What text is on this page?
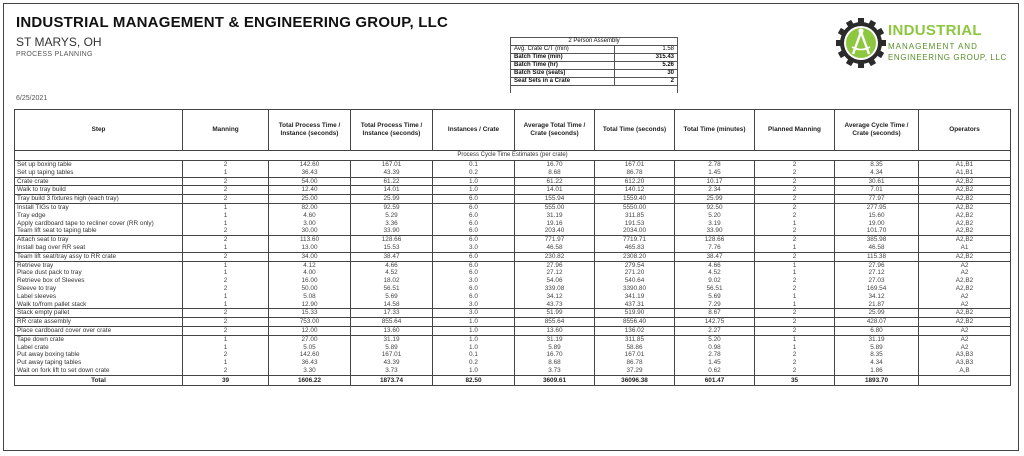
INDUSTRIAL MANAGEMENT & ENGINEERING GROUP, LLC
ST MARYS, OH
PROCESS PLANNING
6/25/2021
2 Person Assembly	
Avg. Crate C/T (min)	1.58
Batch Time (min)	315.43
Batch Time (hr)	5.26
Batch Size (seats)	30
Seat Sets in a Crate	2

INDUSTRIAL
MANAGEMENT AND
ENGINEERING GROUP, LLC
Process Cycle Time Estimates (per crate)										
Step	Manning	Total Process Time / Instance (seconds)	Total Process Time / Instance (seconds)	Instances / Crate	Average Total Time / Crate (seconds)	Total Time (seconds)	Total Time (minutes)	Planned Manning	Average Cycle Time / Crate (seconds)	Operators
Set up boxing table	2	142.60	167.01	0.1	16.70	167.01	2.78	2	8.35	A1,B1
Set up taping tables	1	36.43	43.39	0.2	8.68	86.78	1.45	2	4.34	A1,B1
Crate crate	2	54.00	61.22	1.0	61.22	612.20	10.17	2	30.61	A2,B2
Walk to tray build	2	12.40	14.01	1.0	14.01	140.12	2.34	2	7.01	A2,B2
Tray build 3 fixtures high (each tray)	2	25.00	25.99	6.0	155.94	1559.40	25.99	2	77.97	A2,B2
Install TIGs to tray	1	82.00	92.59	6.0	555.00	5550.00	92.50	2	277.95	A2,B2
Tray edge	1	4.60	5.29	6.0	31.19	311.85	5.20	2	15.60	A2,B2
Apply cardboard tape to recliner cover (RR only)	1	3.00	3.36	6.0	19.16	191.53	3.19	1	19.00	A2,B2
Team lift seat to taping table	2	30.00	33.90	6.0	203.40	2034.00	33.90	2	101.70	A2,B2
Attach seat to tray	2	113.60	128.66	6.0	771.97	7719.71	128.66	2	385.98	A2,B2
Install bag over RR seat	1	13.00	15.53	3.0	46.58	465.83	7.76	1	46.58	A1
Team lift seat/tray assy to RR crate	2	34.00	38.47	6.0	230.82	2308.20	38.47	2	115.38	A2,B2
Retrieve tray	1	4.12	4.66	6.0	27.96	279.54	4.66	1	27.96	A2
Place dust pack to tray	1	4.00	4.52	6.0	27.12	271.20	4.52	1	27.12	A2
Retrieve box of Sleeves	2	16.00	18.02	3.0	54.06	540.64	9.02	2	27.03	A2,B2
Sleeve to tray	2	50.00	56.51	6.0	339.08	3390.80	56.51	2	169.54	A2,B2
Label sleeves	1	5.08	5.69	6.0	34.12	341.19	5.69	1	34.12	A2
Walk to/from pallet stack	1	12.90	14.58	3.0	43.73	437.31	7.29	1	21.87	A2
Stack empty pallet	2	15.33	17.33	3.0	51.99	519.90	8.67	2	25.99	A2,B2
RR crate assembly	2	753.00	855.64	1.0	855.64	8556.40	142.75	2	428.07	A2,B2
Place cardboard cover over crate	2	12.00	13.60	1.0	13.60	136.02	2.27	2	6.80	A2
Tape down crate	1	27.00	31.19	1.0	31.19	311.85	5.20	1	31.19	A2
Label crate	1	5.05	5.89	1.0	5.89	58.86	0.98	1	5.89	A2
Put away boxing table	2	142.60	167.01	0.1	16.70	167.01	2.78	2	8.35	A3,B3
Put away taping tables	1	36.43	43.39	0.2	8.68	86.78	1.45	2	4.34	A3,B3
Wait on fork lift to set down crate	2	3.30	3.73	1.0	3.73	37.29	0.62	2	1.86	A,B
Total	39	1606.22	1873.74	82.50	3609.61	36096.38	601.47	35	1893.70	
